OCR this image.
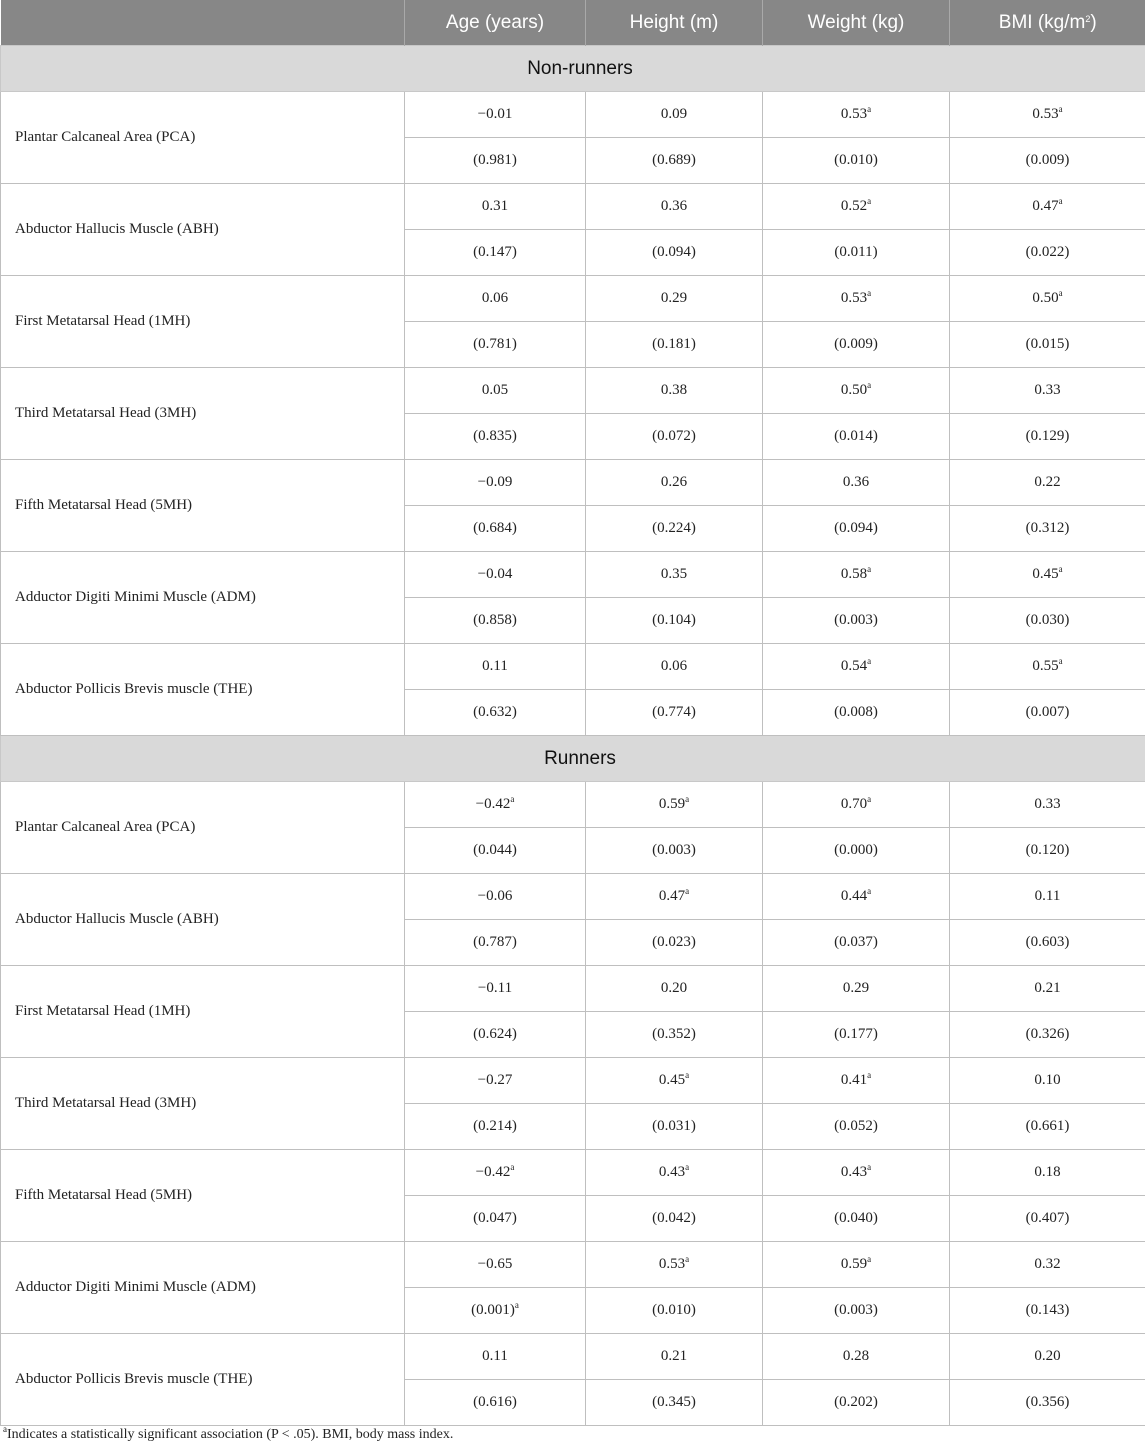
	Age (years)	Height (m)	Weight (kg)	BMI $(kg/m^2)$
Non-runners				
Plantar Calcaneal Area (PCA)	−0.01	0.09	0.53$^a$	0.53$^a$
	(0.981)	(0.689)	(0.010)	(0.009)
Abductor Hallucis Muscle (ABH)	0.31	0.36	0.52$^a$	0.47$^a$
	(0.147)	(0.094)	(0.011)	(0.022)
First Metatarsal Head (1MH)	0.06	0.29	0.53$^a$	0.50$^a$
	(0.781)	(0.181)	(0.009)	(0.015)
Third Metatarsal Head (3MH)	0.05	0.38	0.50$^a$	0.33
	(0.835)	(0.072)	(0.014)	(0.129)
Fifth Metatarsal Head (5MH)	−0.09	0.26	0.36	0.22
	(0.684)	(0.224)	(0.094)	(0.312)
Adductor Digiti Minimi Muscle (ADM)	−0.04	0.35	0.58$^a$	0.45$^a$
	(0.858)	(0.104)	(0.003)	(0.030)
Abductor Pollicis Brevis muscle (THE)	0.11	0.06	0.54$^a$	0.55$^a$
	(0.632)	(0.774)	(0.008)	(0.007)
Runners				
Plantar Calcaneal Area (PCA)	−0.42$^a$	0.59$^a$	0.70$^a$	0.33
	(0.044)	(0.003)	(0.000)	(0.120)
Abductor Hallucis Muscle (ABH)	−0.06	0.47$^a$	0.44$^a$	0.11
	(0.787)	(0.023)	(0.037)	(0.603)
First Metatarsal Head (1MH)	−0.11	0.20	0.29	0.21
	(0.624)	(0.352)	(0.177)	(0.326)
Third Metatarsal Head (3MH)	−0.27	0.45$^a$	0.41$^a$	0.10
	(0.214)	(0.031)	(0.052)	(0.661)
Fifth Metatarsal Head (5MH)	−0.42$^a$	0.43$^a$	0.43$^a$	0.18
	(0.047)	(0.042)	(0.040)	(0.407)
Adductor Digiti Minimi Muscle (ADM)	−0.65	0.53$^a$	0.59$^a$	0.32
	$(0.001)^a$	(0.010)	(0.003)	(0.143)
Abductor Pollicis Brevis muscle (THE)	0.11	0.21	0.28	0.20
	(0.616)	(0.345)	(0.202)	(0.356)
$^a$Indicates a statistically significant association (P < .05). BMI, body mass index.
